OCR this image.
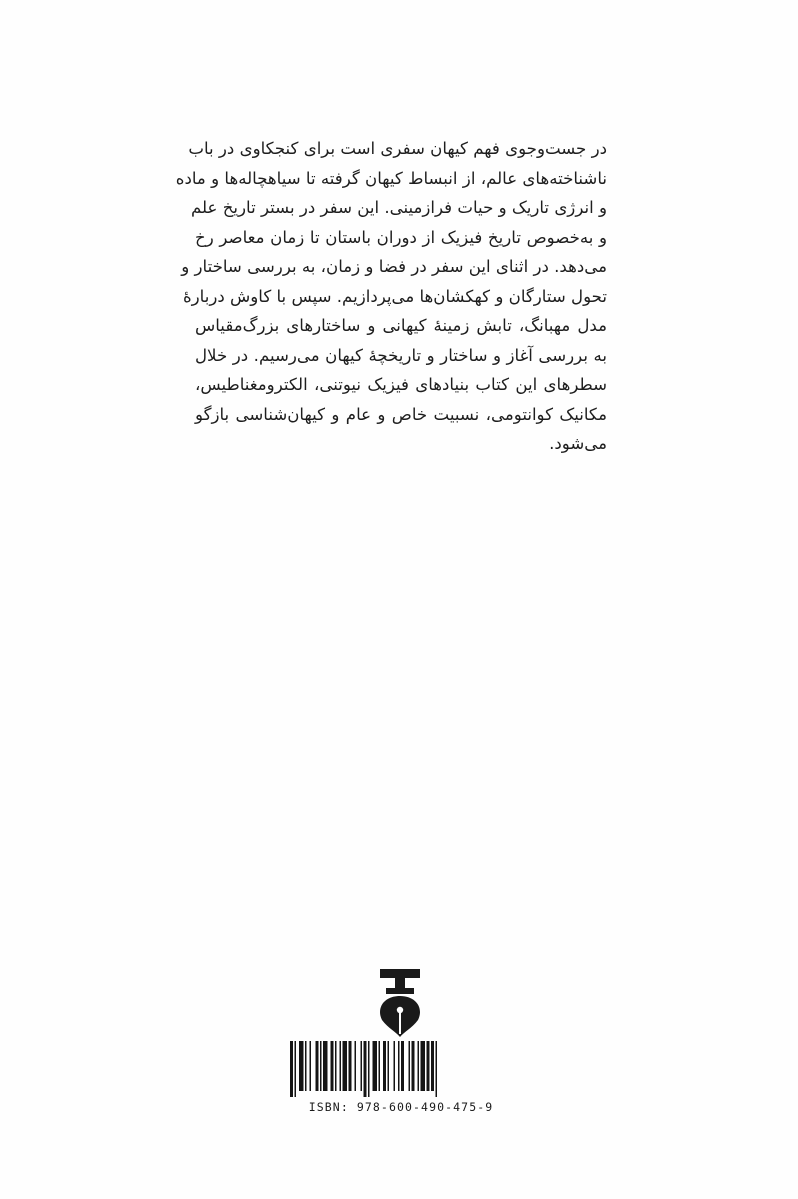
در جست‌وجوی فهم کیهان سفری است برای کنجکاوی در باب
ناشناخته‌های عالم، از انبساط کیهان گرفته تا سیاهچاله‌ها و ماده
و انرژی تاریک و حیات فرازمینی. این سفر در بستر تاریخ علم
و به‌خصوص تاریخ فیزیک از دوران باستان تا زمان معاصر رخ
می‌دهد. در اثنای این سفر در فضا و زمان، به بررسی ساختار و
تحول ستارگان و کهکشان‌ها می‌پردازیم. سپس با کاوش دربارهٔ
مدل مهبانگ، تابش زمینهٔ کیهانی و ساختارهای بزرگ‌مقیاس
به بررسی آغاز و ساختار و تاریخچهٔ کیهان می‌رسیم. در خلال
سطرهای این کتاب بنیادهای فیزیک نیوتنی، الکترومغناطیس،
مکانیک کوانتومی، نسبیت خاص و عام و کیهان‌شناسی بازگو
می‌شود.
ISBN: 978-600-490-475-9
